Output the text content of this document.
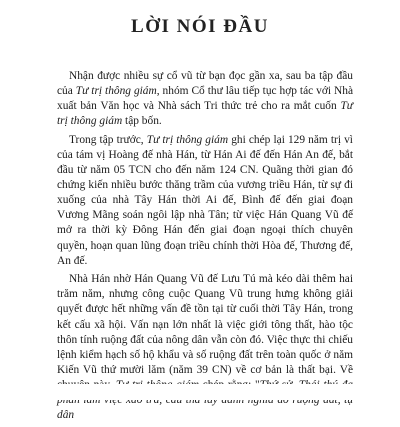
LỜI NÓI ĐẦU

Nhận được nhiều sự cổ vũ từ bạn đọc gần xa, sau ba tập đầu của Tư trị thông giám, nhóm Cổ thư lâu tiếp tục hợp tác với Nhà xuất bản Văn học và Nhà sách Tri thức trẻ cho ra mắt cuốn Tư trị thông giám tập bốn.

Trong tập trước, Tư trị thông giám ghi chép lại 129 năm trị vì của tám vị Hoàng đế nhà Hán, từ Hán Ai đế đến Hán An đế, bắt đầu từ năm 05 TCN cho đến năm 124 CN. Quãng thời gian đó chứng kiến nhiều bước thăng trầm của vương triều Hán, từ sự đi xuống của nhà Tây Hán thời Ai đế, Bình đế đến giai đoạn Vương Mãng soán ngôi lập nhà Tân; từ việc Hán Quang Vũ đế mở ra thời kỳ Đông Hán đến giai đoạn ngoại thích chuyên quyền, hoạn quan lũng đoạn triều chính thời Hòa đế, Thương đế, An đế.

Nhà Hán nhờ Hán Quang Vũ đế Lưu Tú mà kéo dài thêm hai trăm năm, nhưng công cuộc Quang Vũ trung hưng không giải quyết được hết những vấn đề tồn tại từ cuối thời Tây Hán, trong kết cấu xã hội. Vấn nạn lớn nhất là việc giới tông thất, hào tộc thôn tính ruộng đất của nông dân vẫn còn đó. Việc thực thi chiếu lệnh kiểm hạch số hộ khẩu và số ruộng đất trên toàn quốc ở năm Kiến Vũ thứ mười lăm (năm 39 CN) về cơ bản là thất bại. Về dân
